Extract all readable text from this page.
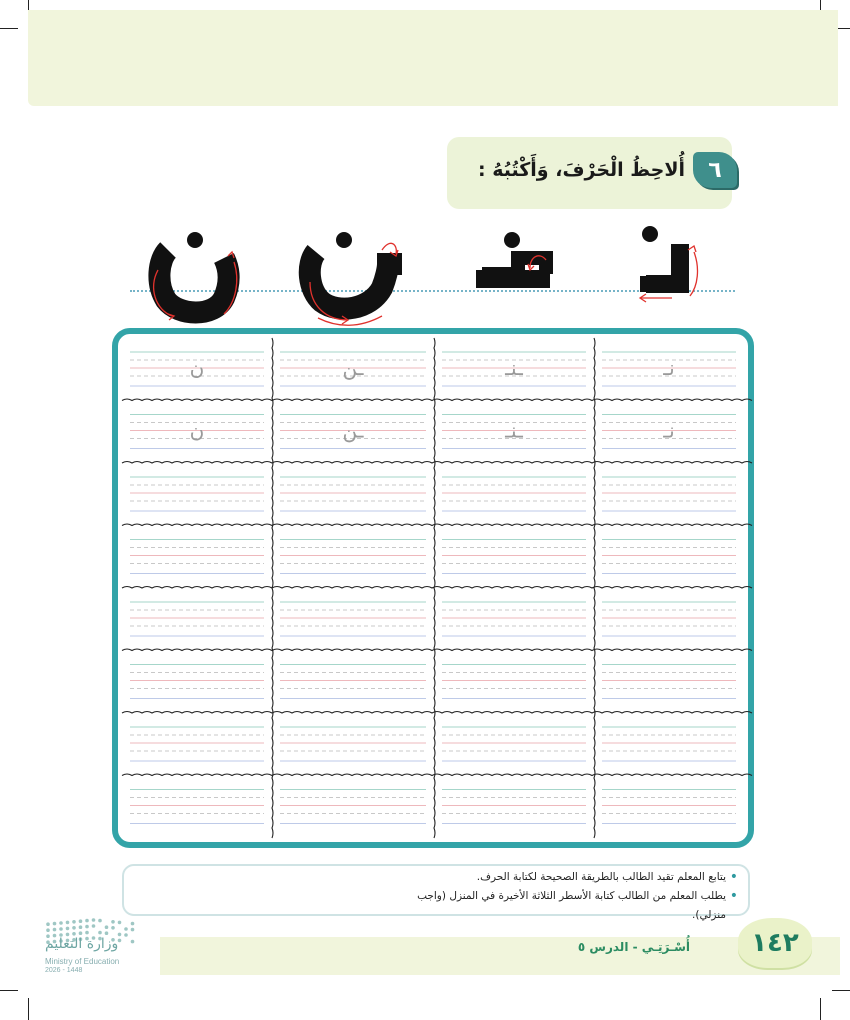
أُلاحِظُ الْحَرْفَ، وَأَكْتُبُهُ :	٦
ن	ـن	ـنـ	نـ
ن	ـن	ـنـ	نـ
• يتابع المعلم تقيد الطالب بالطريقة الصحيحة لكتابة الحرف.
• يطلب المعلم من الطالب كتابة الأسطر الثلاثة الأخيرة في المنزل (واجب منزلي).
أُسْـرَتِـي - الدرس ٥	١٤٢
وزارة التعليم
Ministry of Education
2026 - 1448
